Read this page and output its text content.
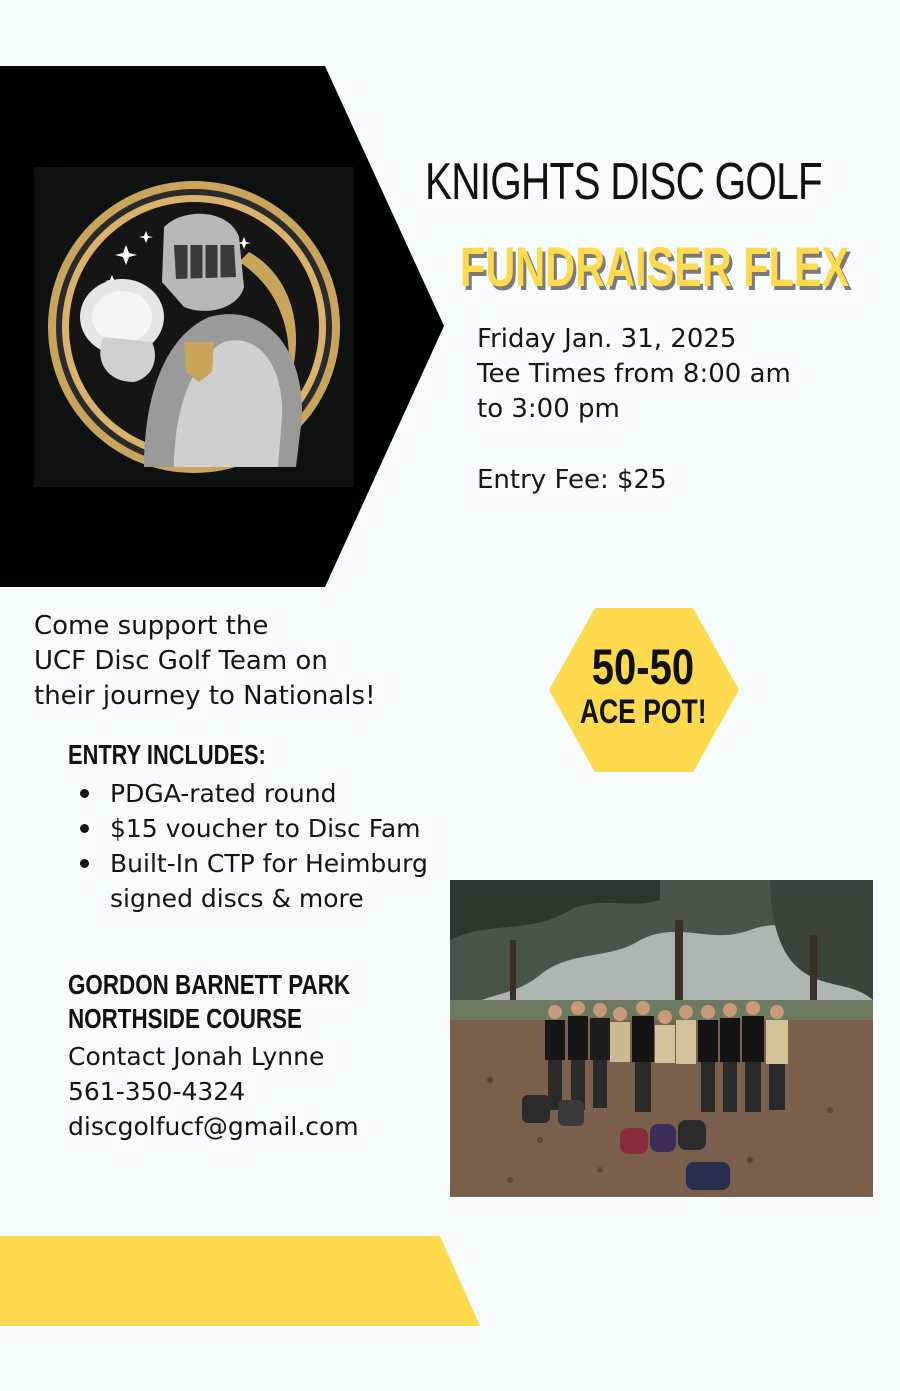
KNIGHTS DISC GOLF
FUNDRAISER FLEX
Friday Jan. 31, 2025
Tee Times from 8:00 am
to 3:00 pm
Entry Fee: $25
Come support the
UCF Disc Golf Team on
their journey to Nationals!
50-50
ACE POT!
ENTRY INCLUDES:
PDGA-rated round
$15 voucher to Disc Fam
Built-In CTP for Heimburg
signed discs & more
GORDON BARNETT PARK
NORTHSIDE COURSE
Contact Jonah Lynne
561-350-4324
discgolfucf@gmail.com
